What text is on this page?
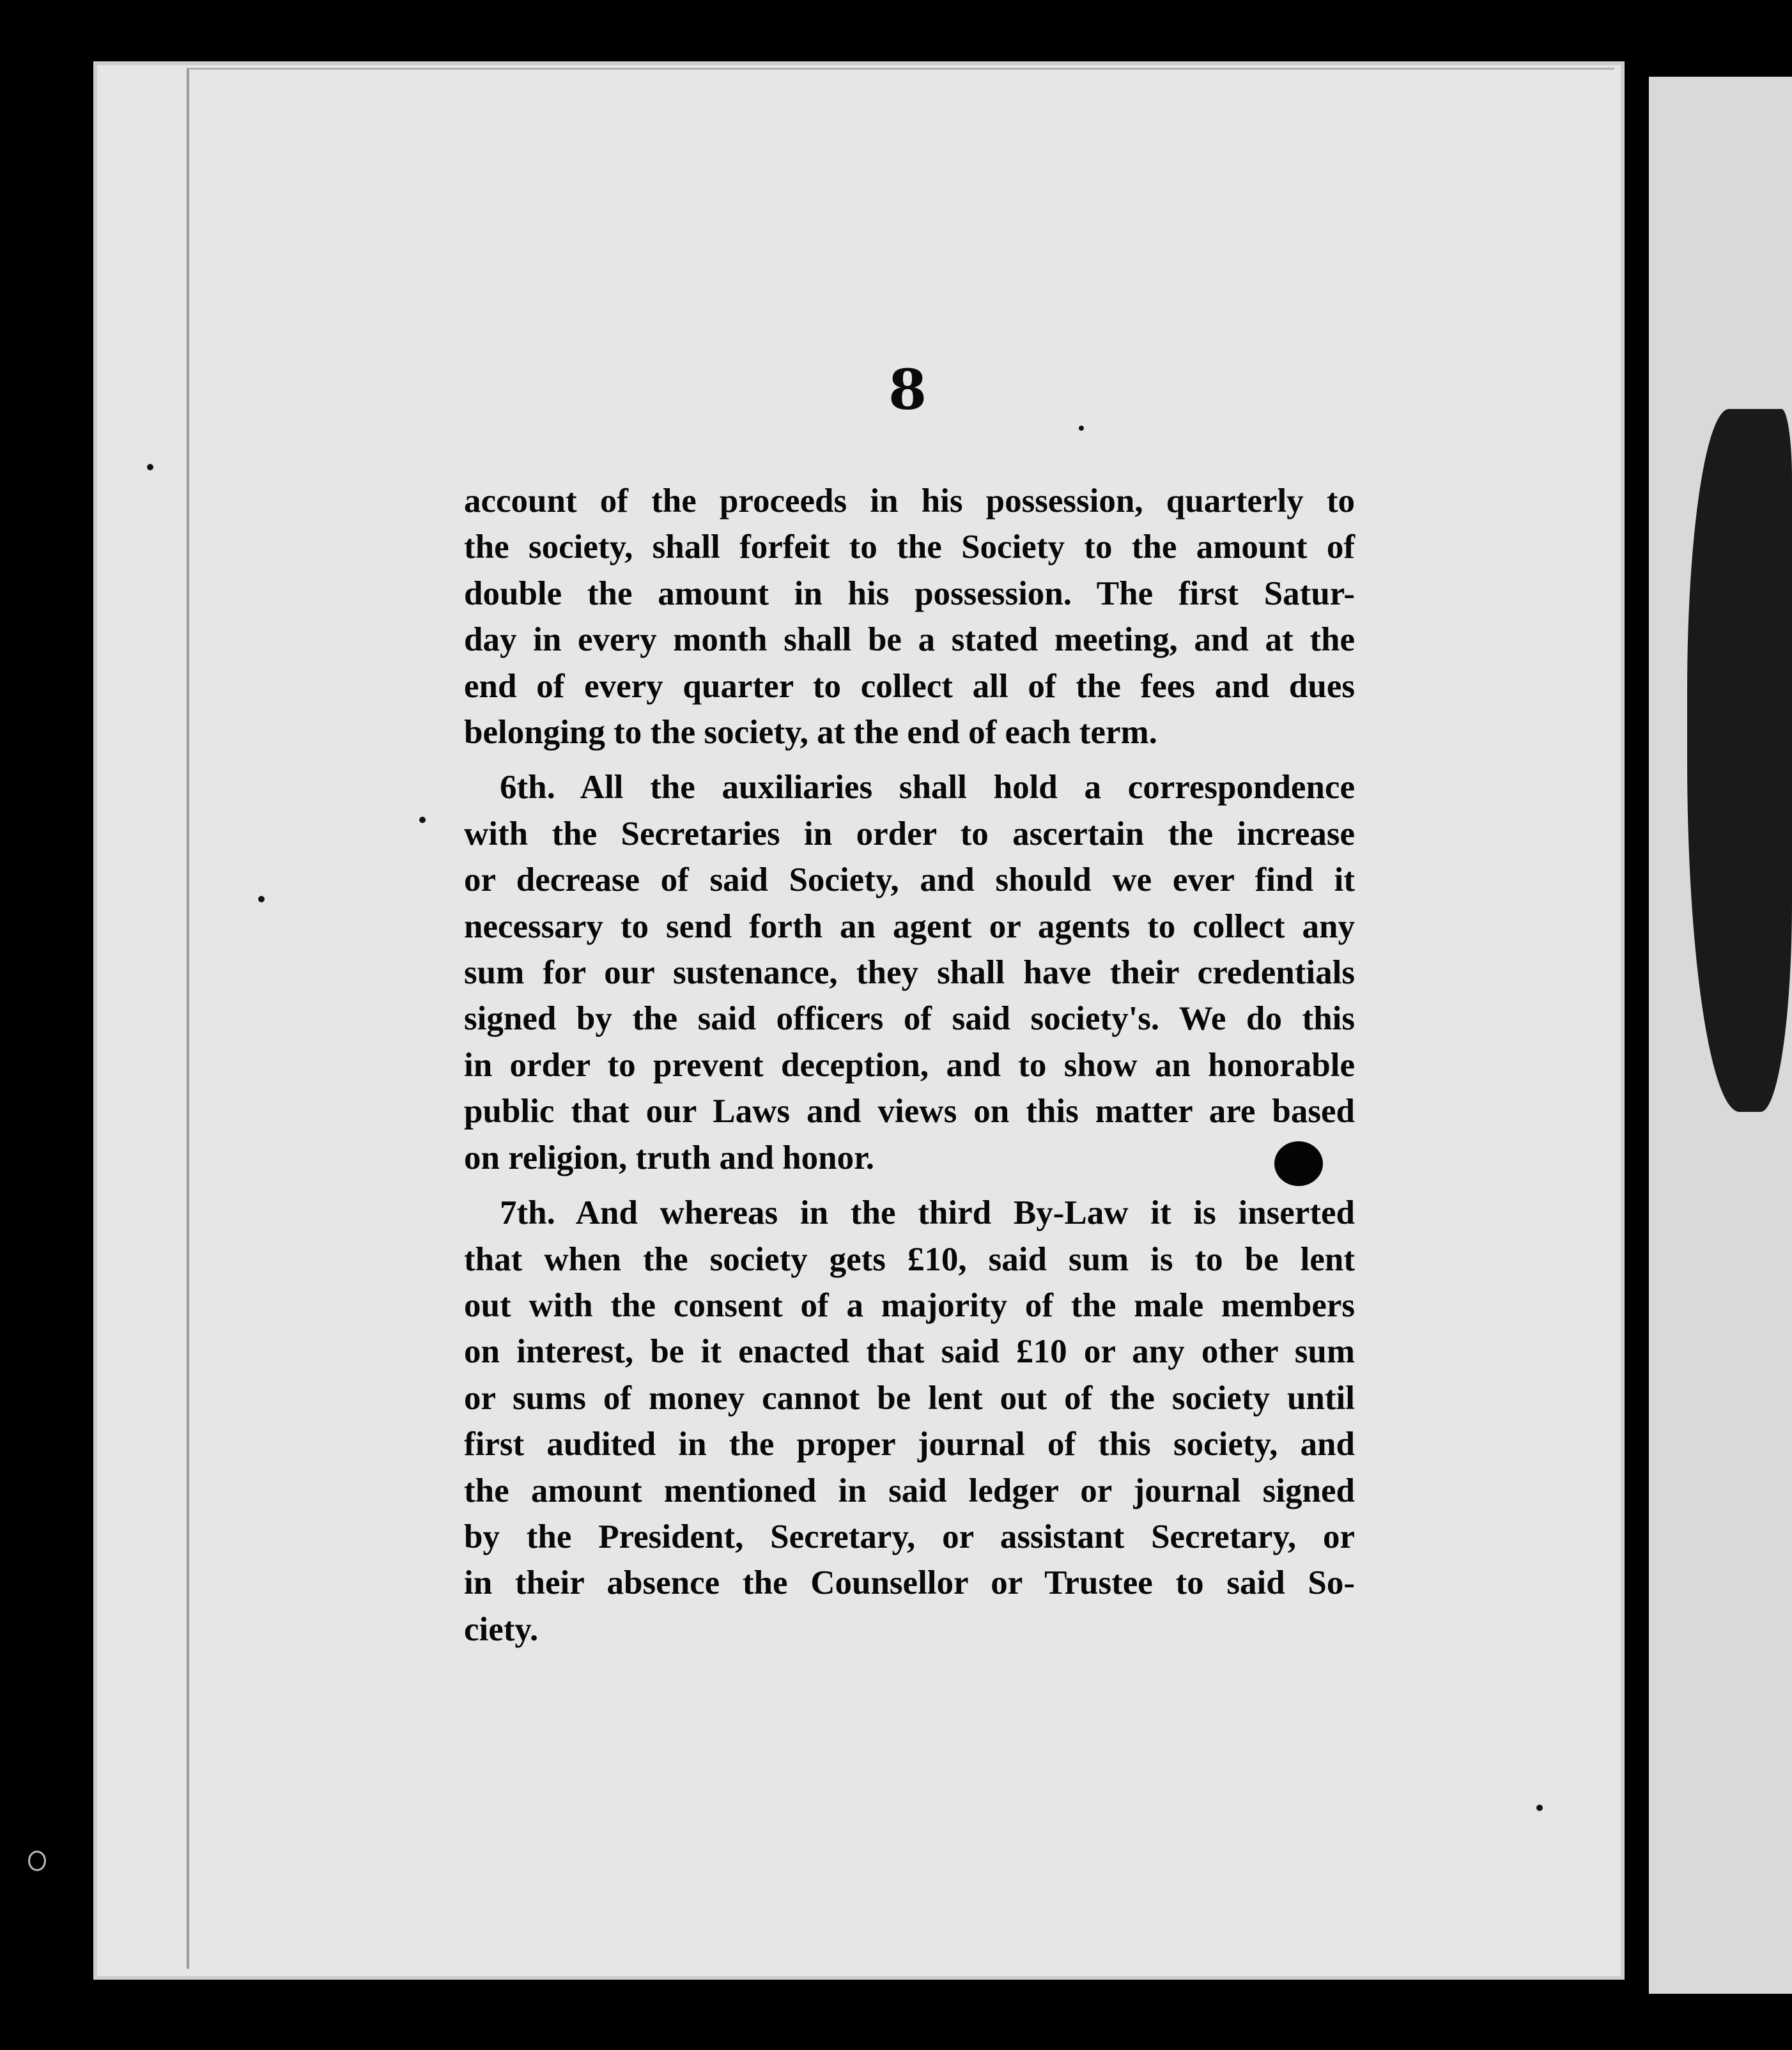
8

account of the proceeds in his possession, quarterly to
the society, shall forfeit to the Society to the amount of
double the amount in his possession. The first Satur-
day in every month shall be a stated meeting, and at the
end of every quarter to collect all of the fees and dues
belonging to the society, at the end of each term.

6th. All the auxiliaries shall hold a correspondence
with the Secretaries in order to ascertain the increase
or decrease of said Society, and should we ever find it
necessary to send forth an agent or agents to collect any
sum for our sustenance, they shall have their credentials
signed by the said officers of said society's. We do this
in order to prevent deception, and to show an honorable
public that our Laws and views on this matter are based
on religion, truth and honor.

7th. And whereas in the third By-Law it is inserted
that when the society gets £10, said sum is to be lent
out with the consent of a majority of the male members
on interest, be it enacted that said £10 or any other sum
or sums of money cannot be lent out of the society until
first audited in the proper journal of this society, and
the amount mentioned in said ledger or journal signed
by the President, Secretary, or assistant Secretary, or
in their absence the Counsellor or Trustee to said So-
ciety.
